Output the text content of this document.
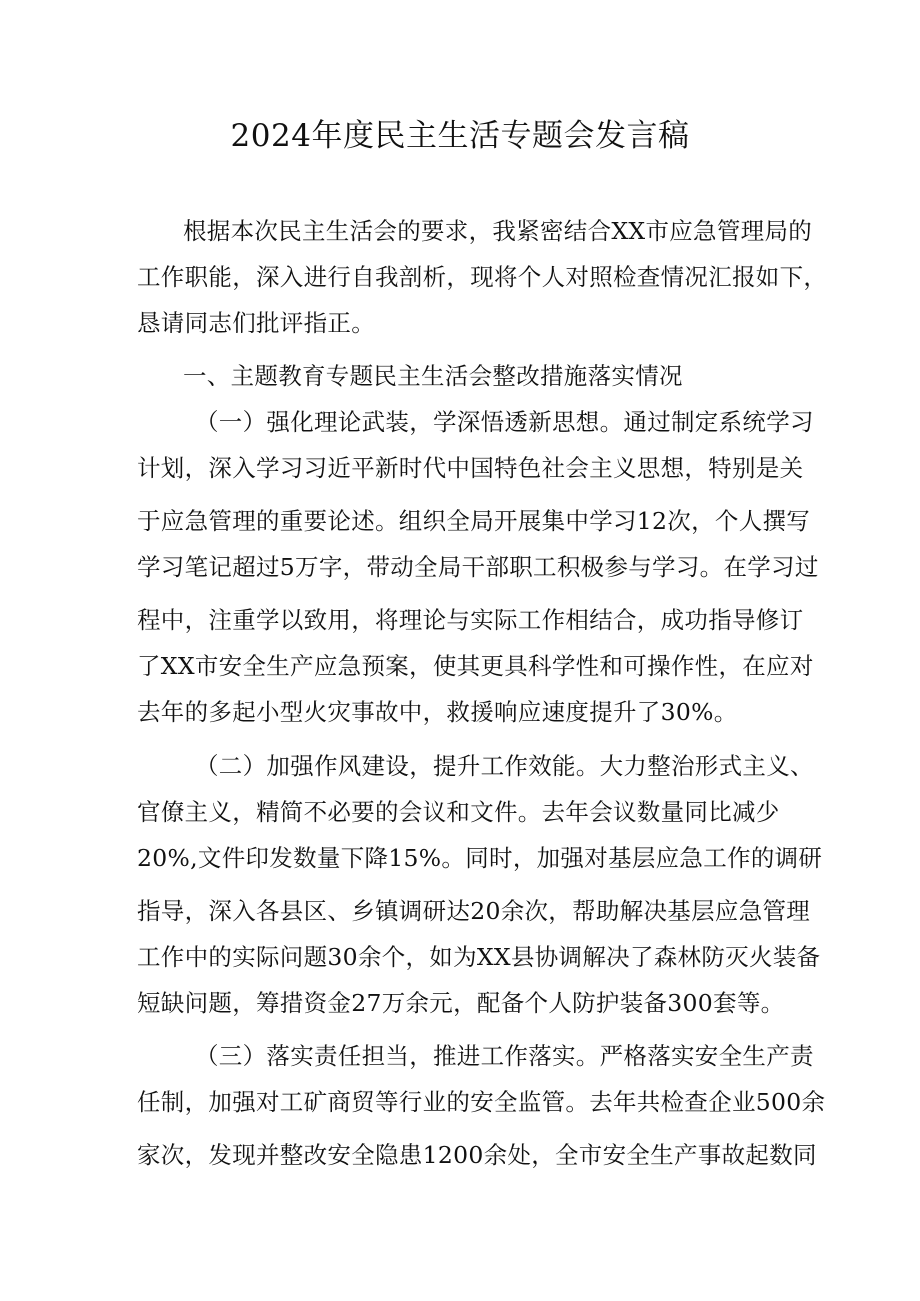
2024年度民主生活专题会发言稿
根据本次民主生活会的要求，我紧密结合XX市应急管理局的
工作职能，深入进行自我剖析，现将个人对照检查情况汇报如下，
恳请同志们批评指正。
一、主题教育专题民主生活会整改措施落实情况
（一）强化理论武装，学深悟透新思想。通过制定系统学习
计划，深入学习习近平新时代中国特色社会主义思想，特别是关
于应急管理的重要论述。组织全局开展集中学习12次，个人撰写
学习笔记超过5万字，带动全局干部职工积极参与学习。在学习过
程中，注重学以致用，将理论与实际工作相结合，成功指导修订
了XX市安全生产应急预案，使其更具科学性和可操作性，在应对
去年的多起小型火灾事故中，救援响应速度提升了30%。
（二）加强作风建设，提升工作效能。大力整治形式主义、
官僚主义，精简不必要的会议和文件。去年会议数量同比减少
20%,文件印发数量下降15%。同时，加强对基层应急工作的调研
指导，深入各县区、乡镇调研达20余次，帮助解决基层应急管理
工作中的实际问题30余个，如为XX县协调解决了森林防灭火装备
短缺问题，筹措资金27万余元，配备个人防护装备300套等。
（三）落实责任担当，推进工作落实。严格落实安全生产责
任制，加强对工矿商贸等行业的安全监管。去年共检查企业500余
家次，发现并整改安全隐患1200余处，全市安全生产事故起数同
